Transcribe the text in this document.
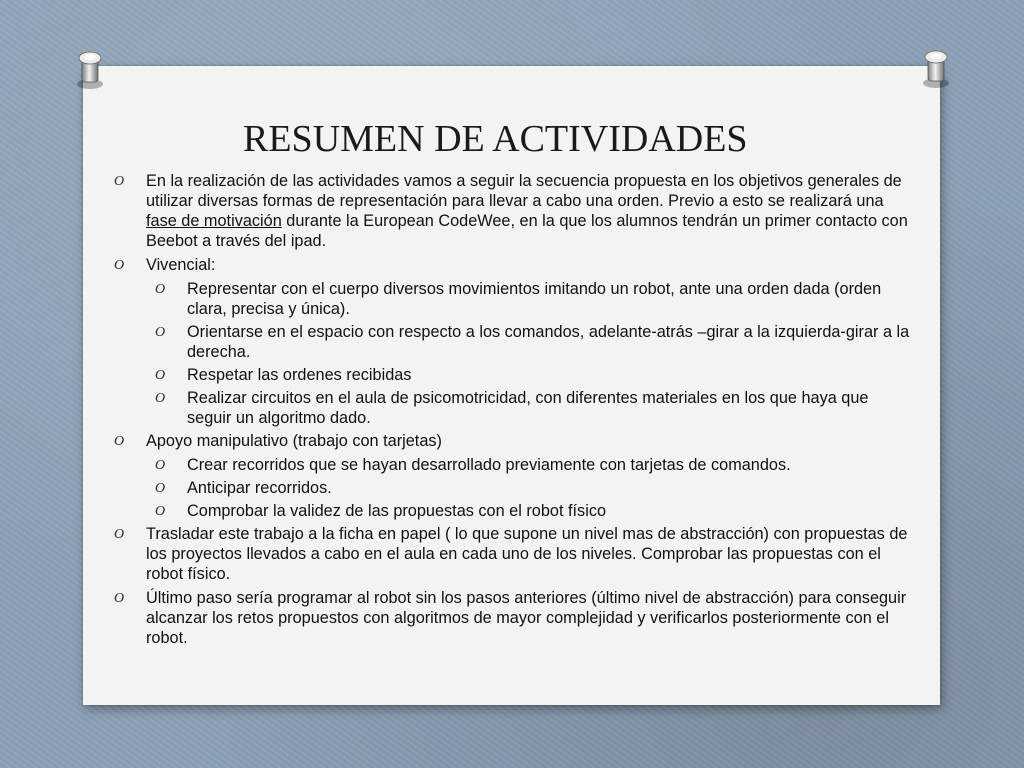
RESUMEN DE ACTIVIDADES
O En la realización de las actividades vamos a seguir la secuencia propuesta en los objetivos generales de utilizar diversas formas de representación para llevar a cabo una orden. Previo a esto se realizará una fase de motivación durante la European CodeWee, en la que los alumnos tendrán un primer contacto con Beebot a través del ipad.
O Vivencial:
O Representar con el cuerpo diversos movimientos imitando un robot, ante una orden dada (orden clara, precisa y única).
O Orientarse en el espacio con respecto a los comandos, adelante-atrás –girar a la izquierda-girar a la derecha.
O Respetar las ordenes recibidas
O Realizar circuitos en el aula de psicomotricidad, con diferentes materiales en los que haya que seguir un algoritmo dado.
O Apoyo manipulativo (trabajo con tarjetas)
O Crear recorridos que se hayan desarrollado previamente con tarjetas de comandos.
O Anticipar recorridos.
O Comprobar la validez de las propuestas con el robot físico
O Trasladar este trabajo a la ficha en papel ( lo que supone un nivel mas de abstracción) con propuestas de los proyectos llevados a cabo en el aula en cada uno de los niveles. Comprobar las propuestas con el robot físico.
O Último paso sería programar al robot sin los pasos anteriores (último nivel de abstracción) para conseguir alcanzar los retos propuestos con algoritmos de mayor complejidad y verificarlos posteriormente con el robot.
